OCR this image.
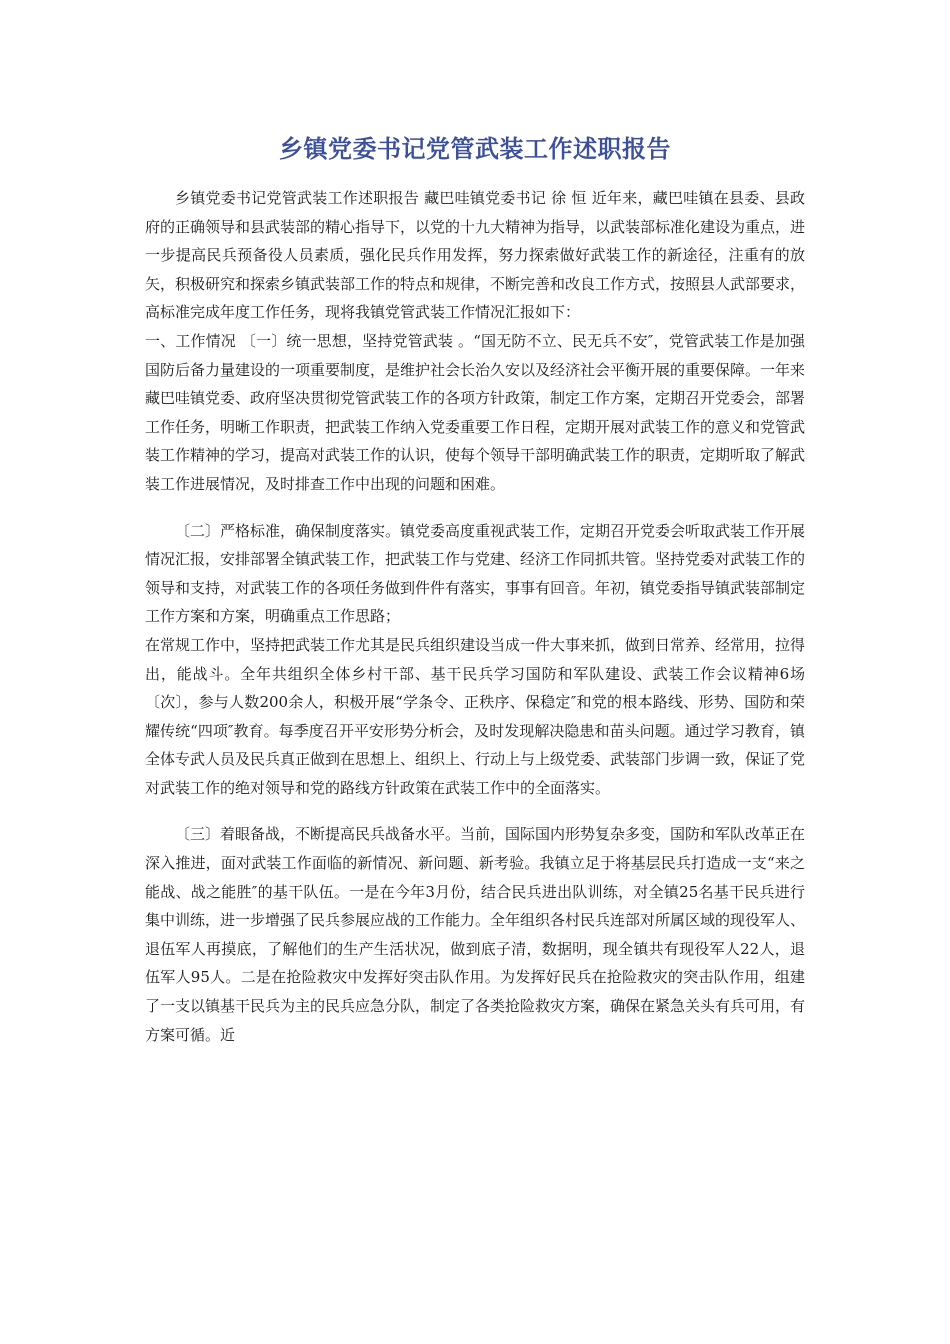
乡镇党委书记党管武装工作述职报告

乡镇党委书记党管武装工作述职报告 藏巴哇镇党委书记 徐 恒 近年来，藏巴哇镇在县委、县政府的正确领导和县武装部的精心指导下，以党的十九大精神为指导，以武装部标准化建设为重点，进一步提高民兵预备役人员素质，强化民兵作用发挥，努力探索做好武装工作的新途径，注重有的放矢，积极研究和探索乡镇武装部工作的特点和规律，不断完善和改良工作方式，按照县人武部要求，高标准完成年度工作任务，现将我镇党管武装工作情况汇报如下：

一、工作情况 〔一〕统一思想，坚持党管武装 。“国无防不立、民无兵不安″，党管武装工作是加强国防后备力量建设的一项重要制度，是维护社会长治久安以及经济社会平衡开展的重要保障。一年来藏巴哇镇党委、政府坚决贯彻党管武装工作的各项方针政策，制定工作方案，定期召开党委会，部署工作任务，明晰工作职责，把武装工作纳入党委重要工作日程，定期开展对武装工作的意义和党管武装工作精神的学习，提高对武装工作的认识，使每个领导干部明确武装工作的职责，定期听取了解武装工作进展情况，及时排查工作中出现的问题和困难。

〔二〕严格标准，确保制度落实。镇党委高度重视武装工作，定期召开党委会听取武装工作开展情况汇报，安排部署全镇武装工作，把武装工作与党建、经济工作同抓共管。坚持党委对武装工作的领导和支持，对武装工作的各项任务做到件件有落实，事事有回音。年初，镇党委指导镇武装部制定工作方案和方案，明确重点工作思路；

在常规工作中，坚持把武装工作尤其是民兵组织建设当成一件大事来抓，做到日常养、经常用，拉得出，能战斗。全年共组织全体乡村干部、基干民兵学习国防和军队建设、武装工作会议精神6场〔次〕，参与人数200余人，积极开展“学条令、正秩序、保稳定″和党的根本路线、形势、国防和荣耀传统“四项″教育。每季度召开平安形势分析会，及时发现解决隐患和苗头问题。通过学习教育，镇全体专武人员及民兵真正做到在思想上、组织上、行动上与上级党委、武装部门步调一致，保证了党对武装工作的绝对领导和党的路线方针政策在武装工作中的全面落实。

〔三〕着眼备战，不断提高民兵战备水平。当前，国际国内形势复杂多变，国防和军队改革正在深入推进，面对武装工作面临的新情况、新问题、新考验。我镇立足于将基层民兵打造成一支“来之能战、战之能胜″的基干队伍。一是在今年3月份，结合民兵进出队训练，对全镇25名基干民兵进行集中训练，进一步增强了民兵参展应战的工作能力。全年组织各村民兵连部对所属区域的现役军人、退伍军人再摸底，了解他们的生产生活状况，做到底子清，数据明，现全镇共有现役军人22人，退伍军人95人。二是在抢险救灾中发挥好突击队作用。为发挥好民兵在抢险救灾的突击队作用，组建了一支以镇基干民兵为主的民兵应急分队，制定了各类抢险救灾方案，确保在紧急关头有兵可用，有方案可循。近
